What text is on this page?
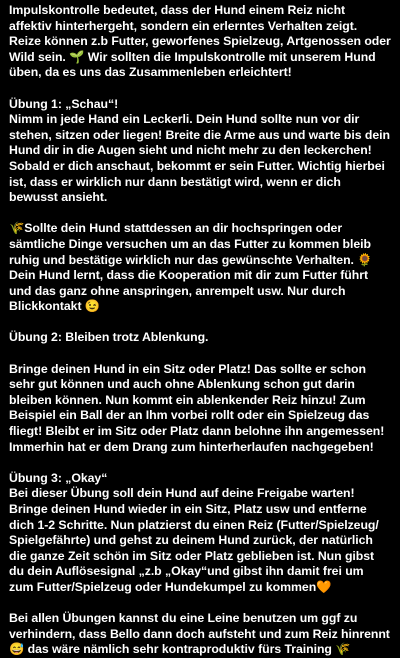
Impulskontrolle bedeutet, dass der Hund einem Reiz nicht affektiv hinterhergeht, sondern ein erlerntes Verhalten zeigt. Reize können z.b Futter, geworfenes Spielzeug, Artgenossen oder Wild sein. 🌱 Wir sollten die Impulskontrolle mit unserem Hund üben, da es uns das Zusammenleben erleichtert!

Übung 1: „Schau“!
Nimm in jede Hand ein Leckerli. Dein Hund sollte nun vor dir stehen, sitzen oder liegen! Breite die Arme aus und warte bis dein Hund dir in die Augen sieht und nicht mehr zu den leckerchen! Sobald er dich anschaut, bekommt er sein Futter. Wichtig hierbei ist, dass er wirklich nur dann bestätigt wird, wenn er dich bewusst ansieht.

🌾Sollte dein Hund stattdessen an dir hochspringen oder sämtliche Dinge versuchen um an das Futter zu kommen bleib ruhig und bestätige wirklich nur das gewünschte Verhalten. 🌻 Dein Hund lernt, dass die Kooperation mit dir zum Futter führt und das ganz ohne anspringen, anrempelt usw. Nur durch Blickkontakt 😉

Übung 2: Bleiben trotz Ablenkung.

Bringe deinen Hund in ein Sitz oder Platz! Das sollte er schon sehr gut können und auch ohne Ablenkung schon gut darin bleiben können. Nun kommt ein ablenkender Reiz hinzu! Zum Beispiel ein Ball der an Ihm vorbei rollt oder ein Spielzeug das fliegt! Bleibt er im Sitz oder Platz dann belohne ihn angemessen! Immerhin hat er dem Drang zum hinterherlaufen nachgegeben!

Übung 3: „Okay“
Bei dieser Übung soll dein Hund auf deine Freigabe warten! Bringe deinen Hund wieder in ein Sitz, Platz usw und entferne dich 1-2 Schritte. Nun platzierst du einen Reiz (Futter/Spielzeug/ Spielgefährte) und gehst zu deinem Hund zurück, der natürlich die ganze Zeit schön im Sitz oder Platz geblieben ist. Nun gibst du dein Auflösesignal „z.b „Okay“und gibst ihn damit frei um zum Futter/Spielzeug oder Hundekumpel zu kommen🧡

Bei allen Übungen kannst du eine Leine benutzen um ggf zu verhindern, dass Bello dann doch aufsteht und zum Reiz hinrennt 😅 das wäre nämlich sehr kontraproduktiv fürs Training 🌾
